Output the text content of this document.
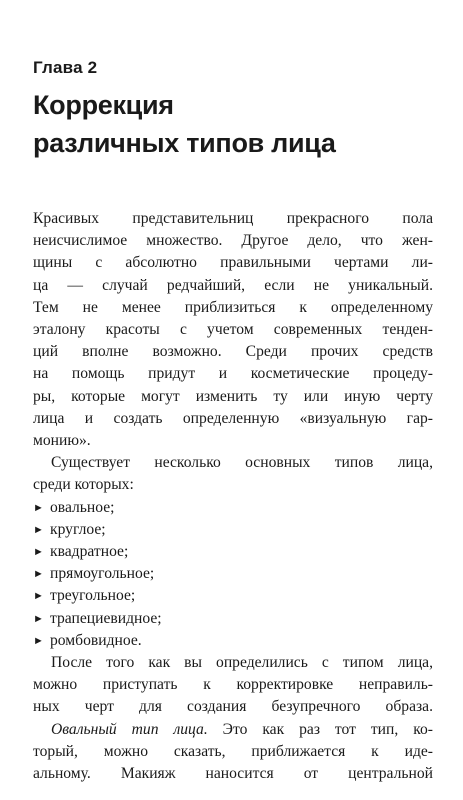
Глава 2
Коррекция
различных типов лица
Красивых представительниц прекрасного пола
неисчислимое множество. Другое дело, что жен-
щины с абсолютно правильными чертами ли-
ца — случай редчайший, если не уникальный.
Тем не менее приблизиться к определенному
эталону красоты с учетом современных тенден-
ций вполне возможно. Среди прочих средств
на помощь придут и косметические процеду-
ры, которые могут изменить ту или иную черту
лица и создать определенную «визуальную гар-
монию».
Существует несколько основных типов лица,
среди которых:
► овальное;
► круглое;
► квадратное;
► прямоугольное;
► треугольное;
► трапециевидное;
► ромбовидное.
После того как вы определились с типом лица,
можно приступать к корректировке неправиль-
ных черт для создания безупречного образа.
Овальный тип лица. Это как раз тот тип, ко-
торый, можно сказать, приближается к иде-
альному. Макияж наносится от центральной
